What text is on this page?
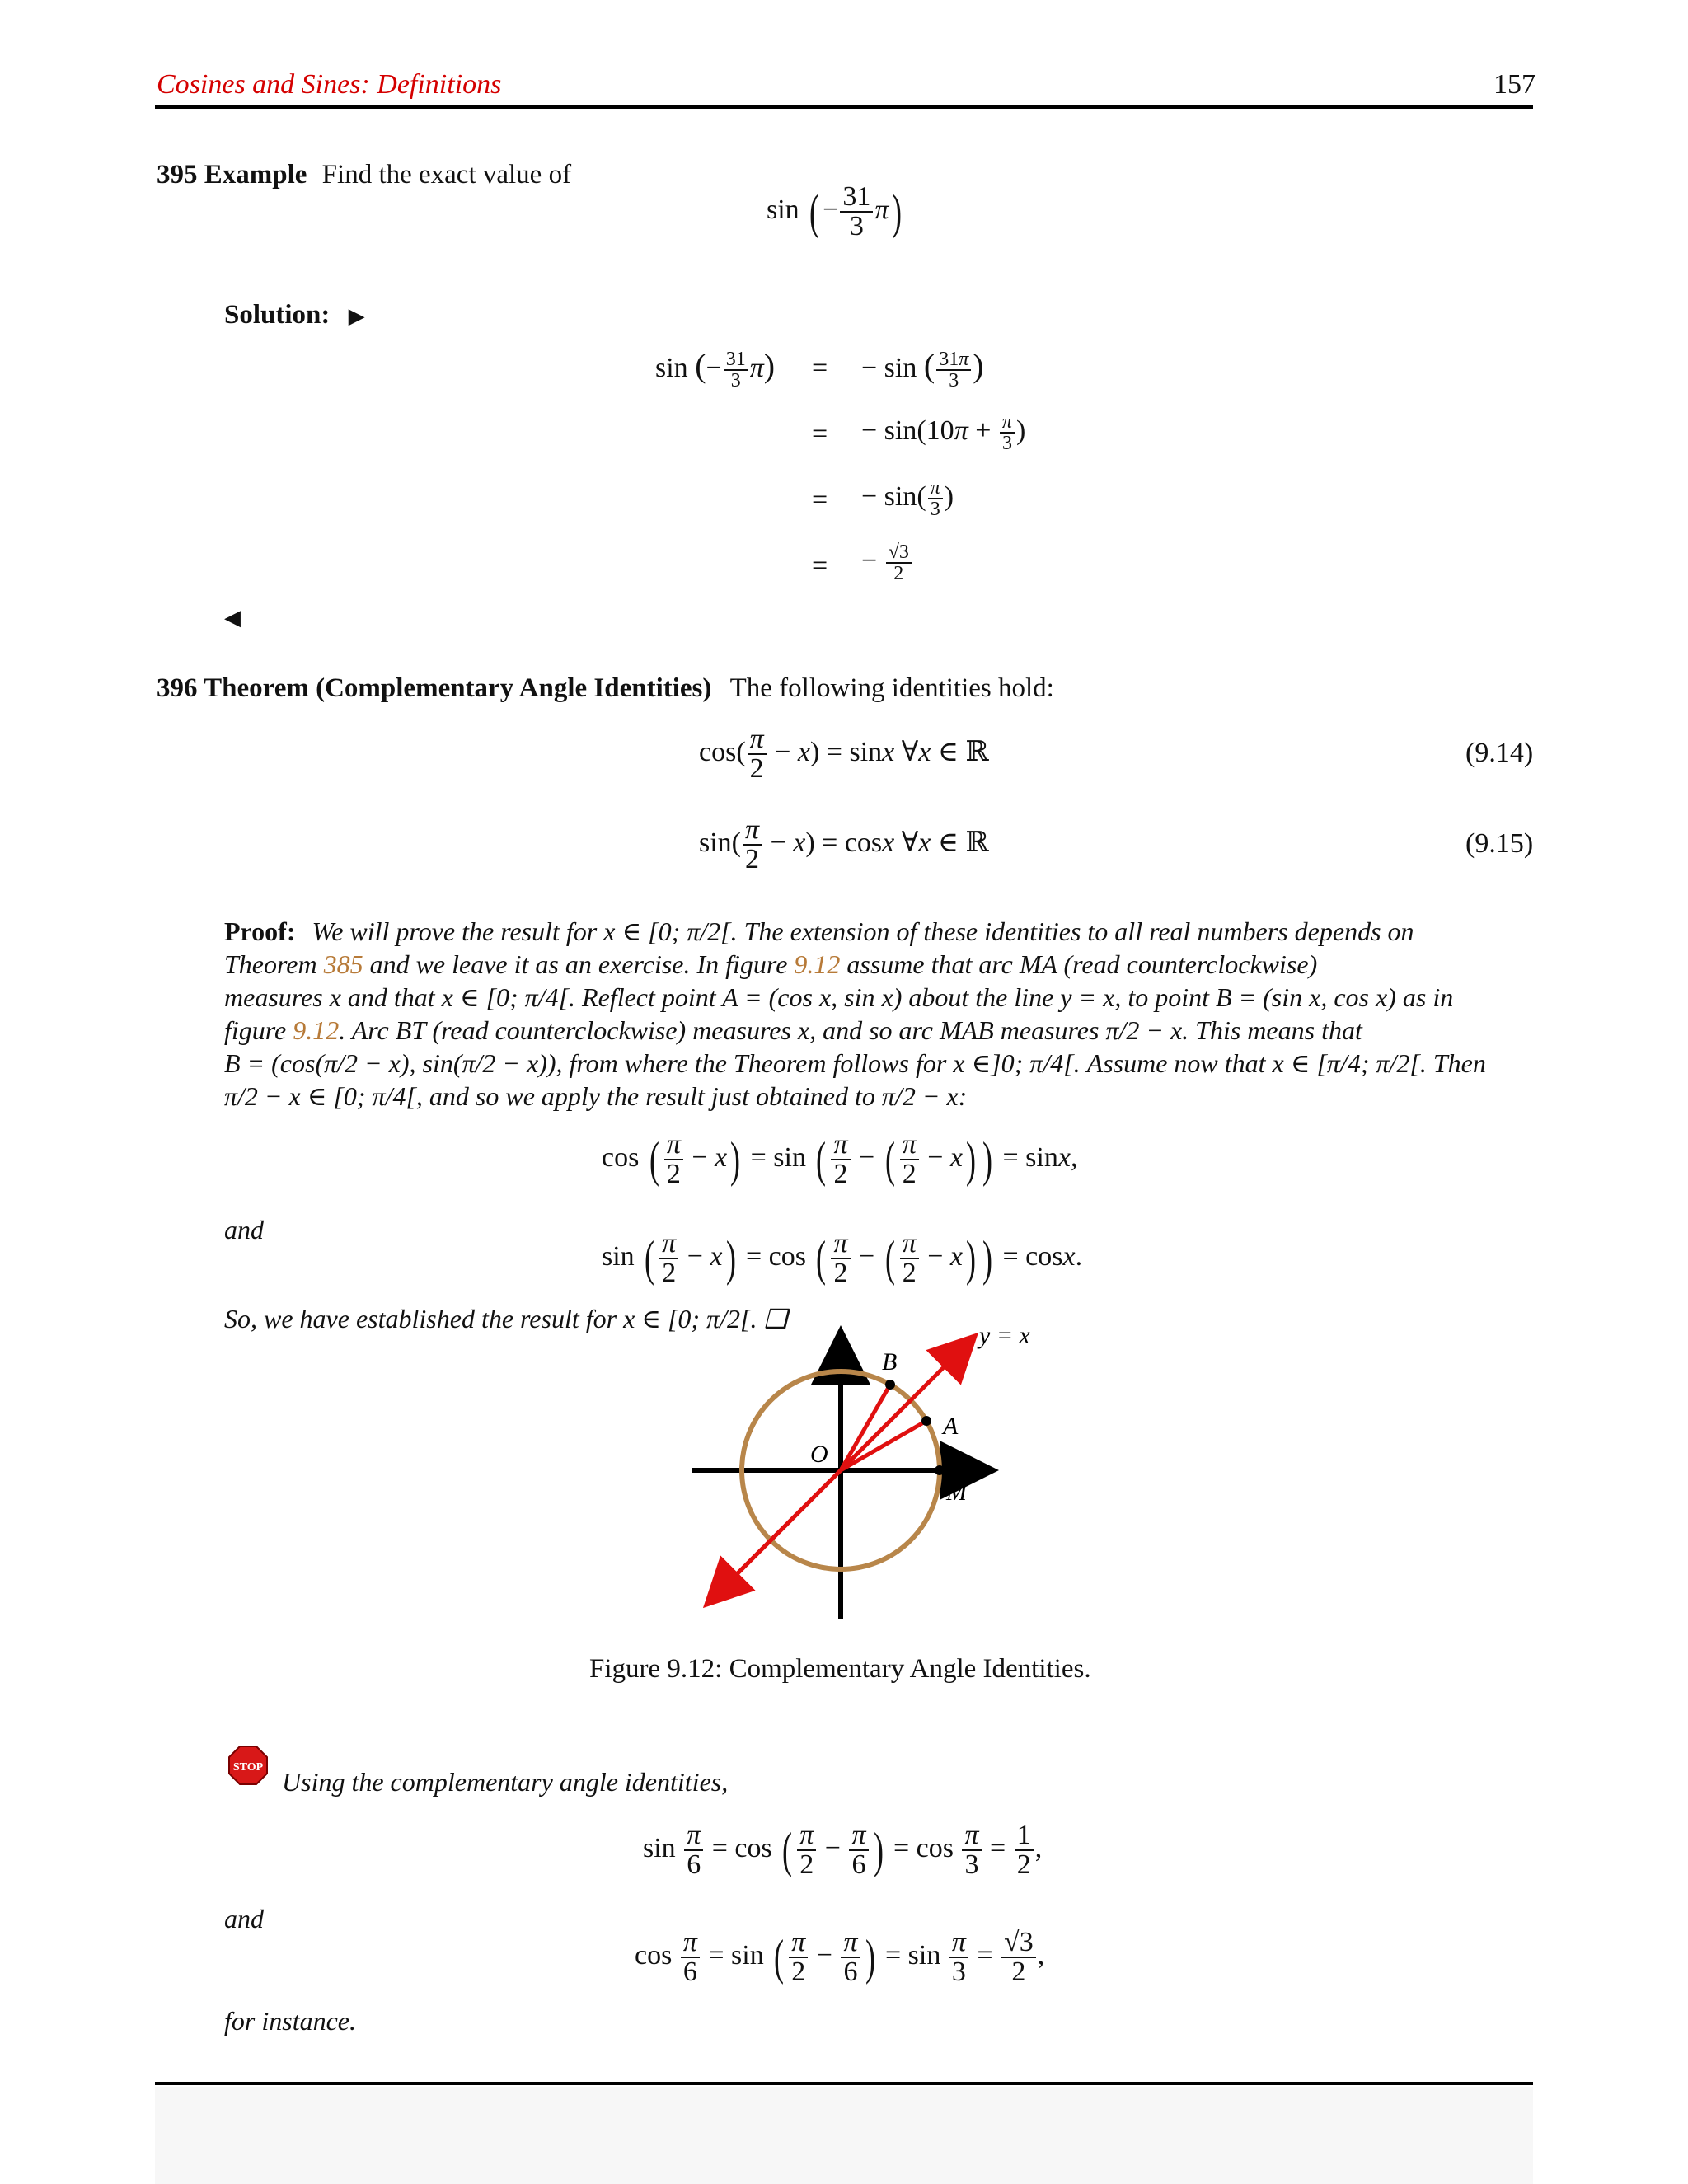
Cosines and Sines: Definitions	157
395 Example Find the exact value of
sin ( − $\frac{31}{3} \pi$)
Solution: ▶
sin (− $\frac{31}{3} \pi$) = − sin ( $\frac{31\pi}{3}$ )
= − $\sin(10\pi + \frac{\pi}{3}$ )
= − $\sin( \frac{\pi}{3}$ )
= − $\frac{√3}{2}$
◀
396 Theorem (Complementary Angle Identities) The following identities hold:
$\cos( \frac{\pi}{2} - x) = \sin x$ ∀x ∈ ℝ	(9.14)
$\sin( \frac{\pi}{2} - x) = \cos x$ ∀x ∈ ℝ	(9.15)
Proof: We will prove the result for x ∈ [0; π/2[. The extension of these identities to all real numbers depends on
Theorem 385 and we leave it as an exercise. In figure 9.12 assume that arc MA (read counterclockwise)
measures x and that x ∈ [0; π/4[. Reflect point A = (cos x, sin x) about the line y = x, to point B = (sin x, cos x) as in
figure 9.12. Arc BT (read counterclockwise) measures x, and so arc MAB measures π/2 − x. This means that
B = (cos(π/2 − x), sin(π/2 − x)), from where the Theorem follows for x ∈]0; π/4[. Assume now that x ∈ [π/4; π/2[. Then
π/2 − x ∈ [0; π/4[, and so we apply the result just obtained to π/2 − x:
cos ( $\frac{\pi}{2} - x) = \sin$ ( $\frac{\pi}{2}$ − ( $\frac{\pi}{2} - x$) ) = sinx,
and
sin ( $\frac{\pi}{2} - x) = \cos$ ( $\frac{\pi}{2}$ − ( $\frac{\pi}{2} - x$) ) = cosx.
So, we have established the result for x ∈ [0; π/2[. ❑
B
A
O
M
y = x
Figure 9.12: Complementary Angle Identities.
STOP Using the complementary angle identities,
$\sin \frac{\pi}{6} = \cos$ ( $\frac{\pi}{2} - \frac{\pi}{6}$ ) = $\cos \frac{\pi}{3} = \frac{1}{2}$ ,
and
$\cos \frac{\pi}{6} = \sin$ ( $\frac{\pi}{2} - \frac{\pi}{6}$ ) = $\sin \frac{\pi}{3} = \frac{√3}{2}$ ,
for instance.
